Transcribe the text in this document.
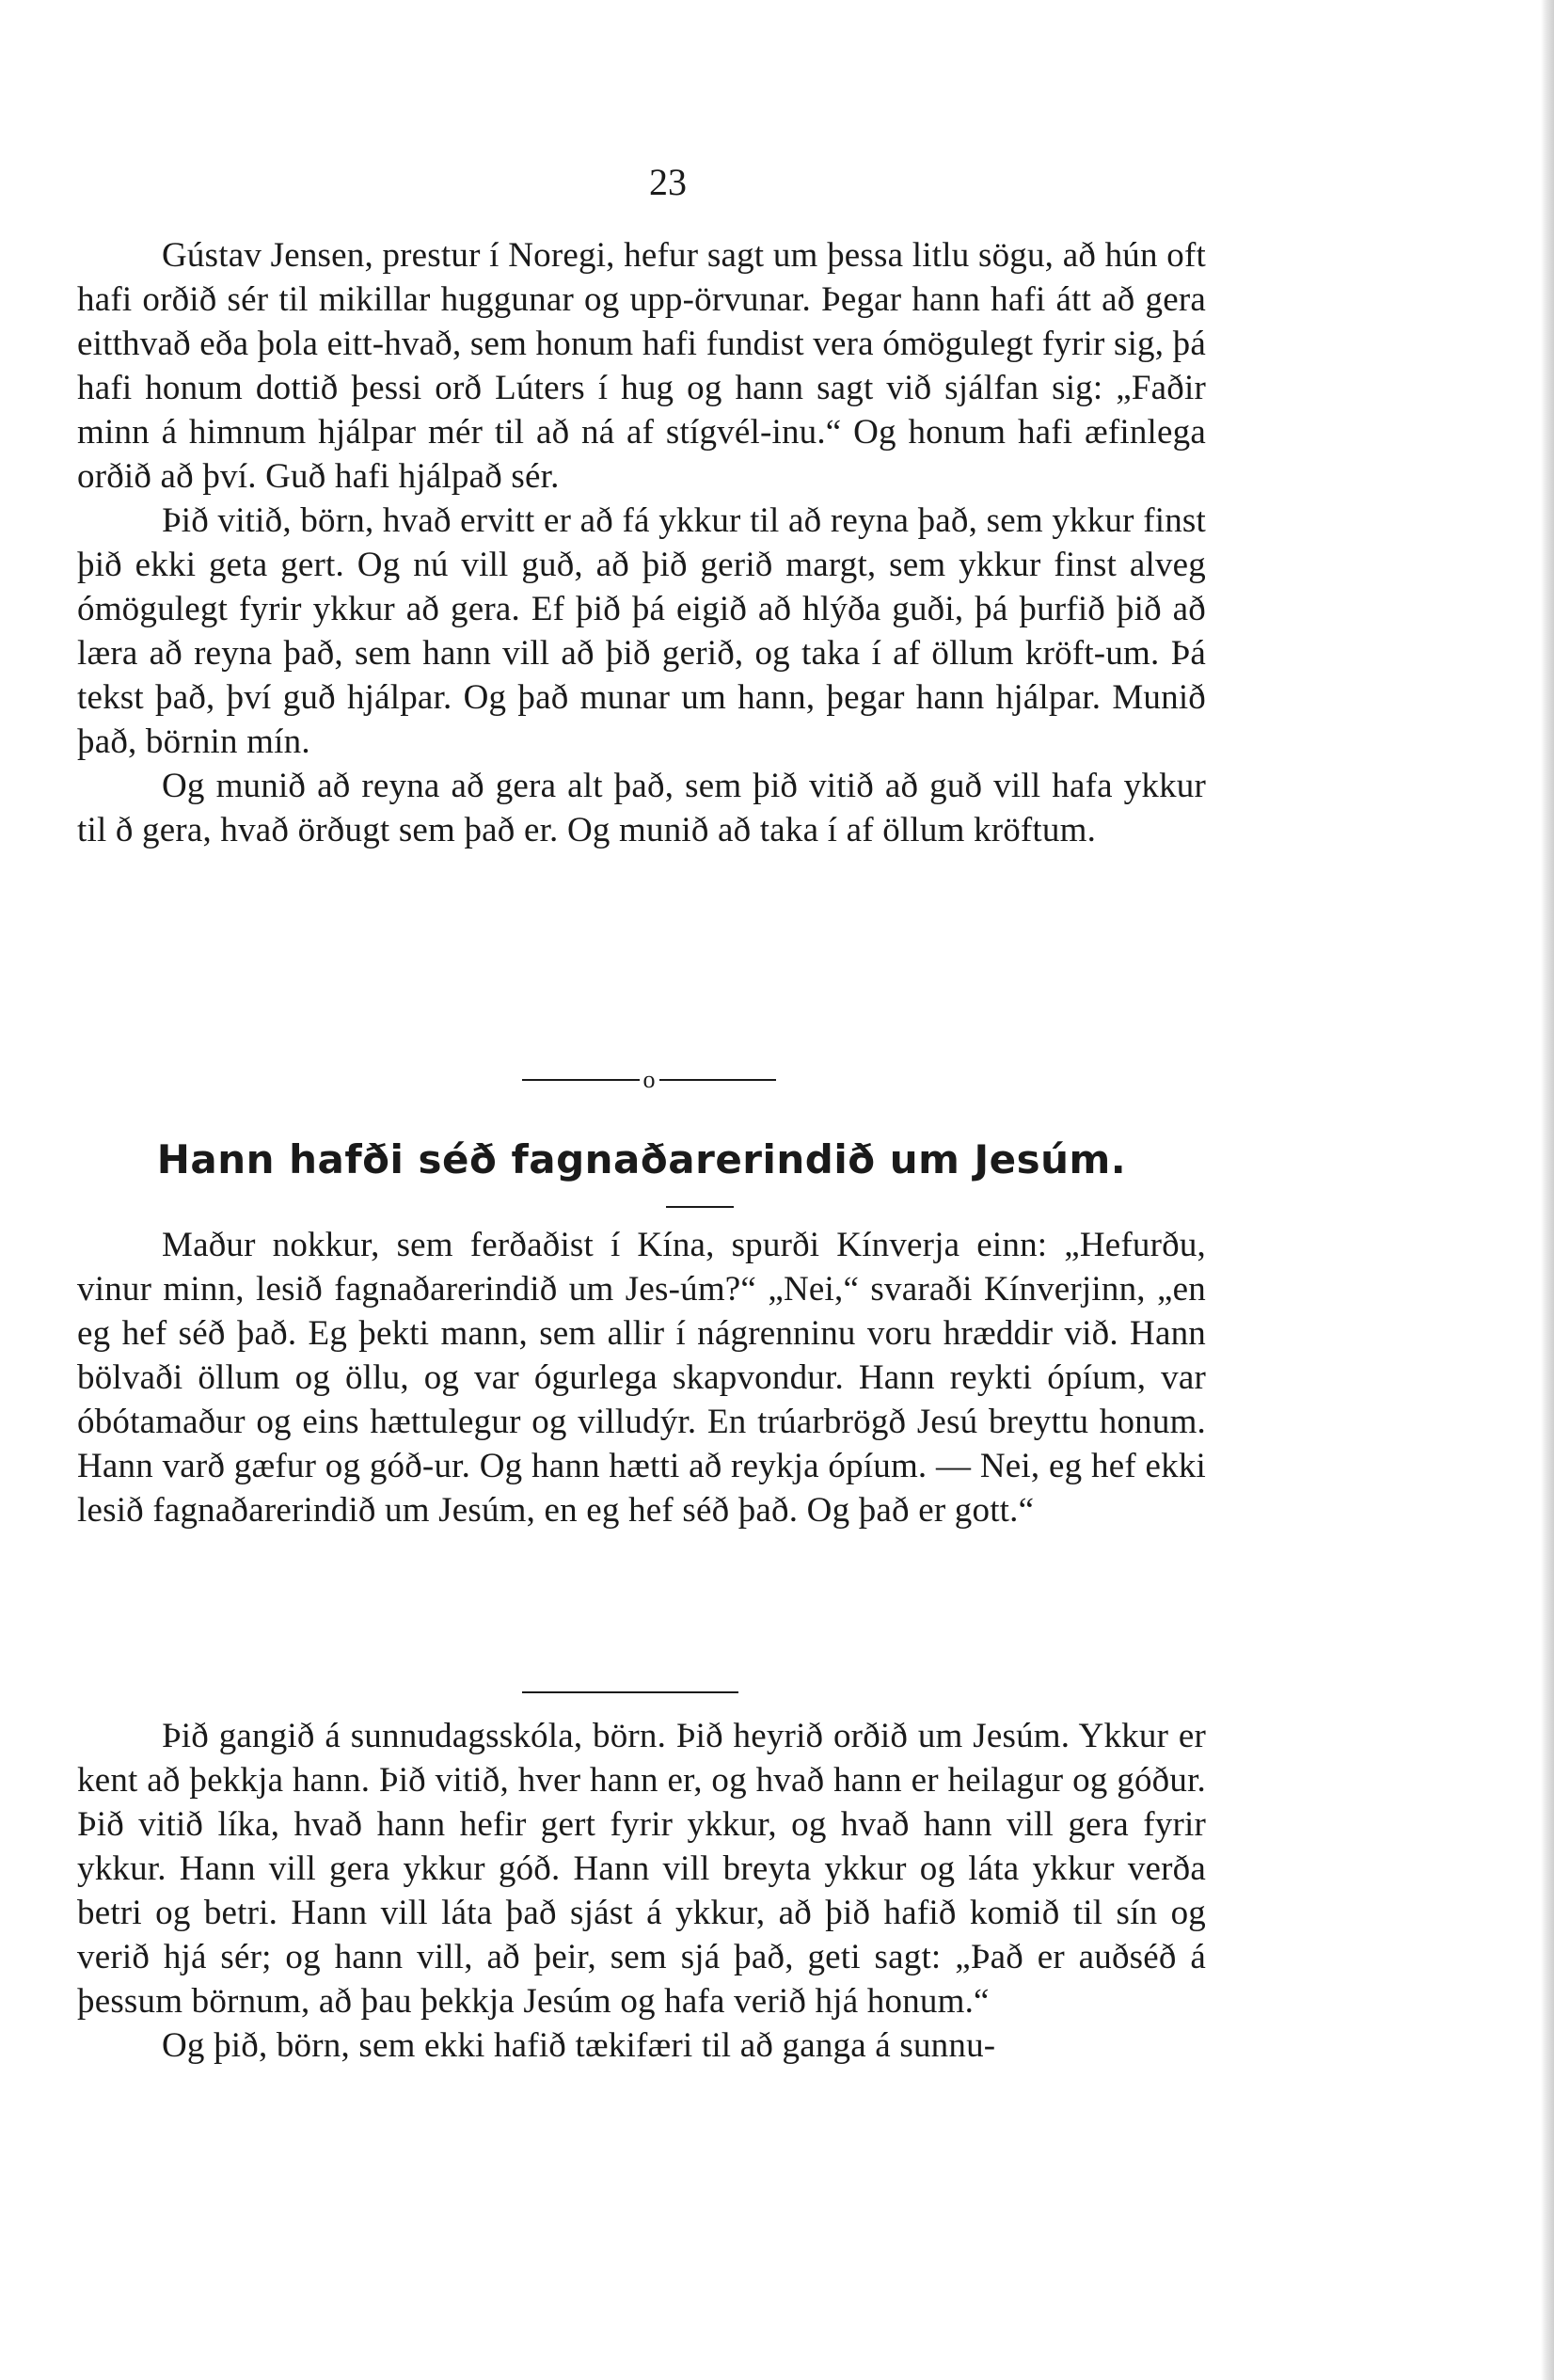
23

Gústav Jensen, prestur í Noregi, hefur sagt um þessa litlu sögu, að hún oft hafi orðið sér til mikillar huggunar og upp-örvunar. Þegar hann hafi átt að gera eitthvað eða þola eitt-hvað, sem honum hafi fundist vera ómögulegt fyrir sig, þá hafi honum dottið þessi orð Lúters í hug og hann sagt við sjálfan sig: „Faðir minn á himnum hjálpar mér til að ná af stígvél-inu.“ Og honum hafi æfinlega orðið að því. Guð hafi hjálpað sér.

Þið vitið, börn, hvað ervitt er að fá ykkur til að reyna það, sem ykkur finst þið ekki geta gert. Og nú vill guð, að þið gerið margt, sem ykkur finst alveg ómögulegt fyrir ykkur að gera. Ef þið þá eigið að hlýða guði, þá þurfið þið að læra að reyna það, sem hann vill að þið gerið, og taka í af öllum kröft-um. Þá tekst það, því guð hjálpar. Og það munar um hann, þegar hann hjálpar. Munið það, börnin mín.

Og munið að reyna að gera alt það, sem þið vitið að guð vill hafa ykkur til ð gera, hvað örðugt sem það er. Og munið að taka í af öllum kröftum.

o
Hann hafði séð fagnaðarerindið um Jesúm.

Maður nokkur, sem ferðaðist í Kína, spurði Kínverja einn: „Hefurðu, vinur minn, lesið fagnaðarerindið um Jes-úm?“ „Nei,“ svaraði Kínverjinn, „en eg hef séð það. Eg þekti mann, sem allir í nágrenninu voru hræddir við. Hann bölvaði öllum og öllu, og var ógurlega skapvondur. Hann reykti ópíum, var óbótamaður og eins hættulegur og villudýr. En trúarbrögð Jesú breyttu honum. Hann varð gæfur og góð-ur. Og hann hætti að reykja ópíum. — Nei, eg hef ekki lesið fagnaðarerindið um Jesúm, en eg hef séð það. Og það er gott.“

Þið gangið á sunnudagsskóla, börn. Þið heyrið orðið um Jesúm. Ykkur er kent að þekkja hann. Þið vitið, hver hann er, og hvað hann er heilagur og góður. Þið vitið líka, hvað hann hefir gert fyrir ykkur, og hvað hann vill gera fyrir ykkur. Hann vill gera ykkur góð. Hann vill breyta ykkur og láta ykkur verða betri og betri. Hann vill láta það sjást á ykkur, að þið hafið komið til sín og verið hjá sér; og hann vill, að þeir, sem sjá það, geti sagt: „Það er auðséð á þessum börnum, að þau þekkja Jesúm og hafa verið hjá honum.“

Og þið, börn, sem ekki hafið tækifæri til að ganga á sunnu-
